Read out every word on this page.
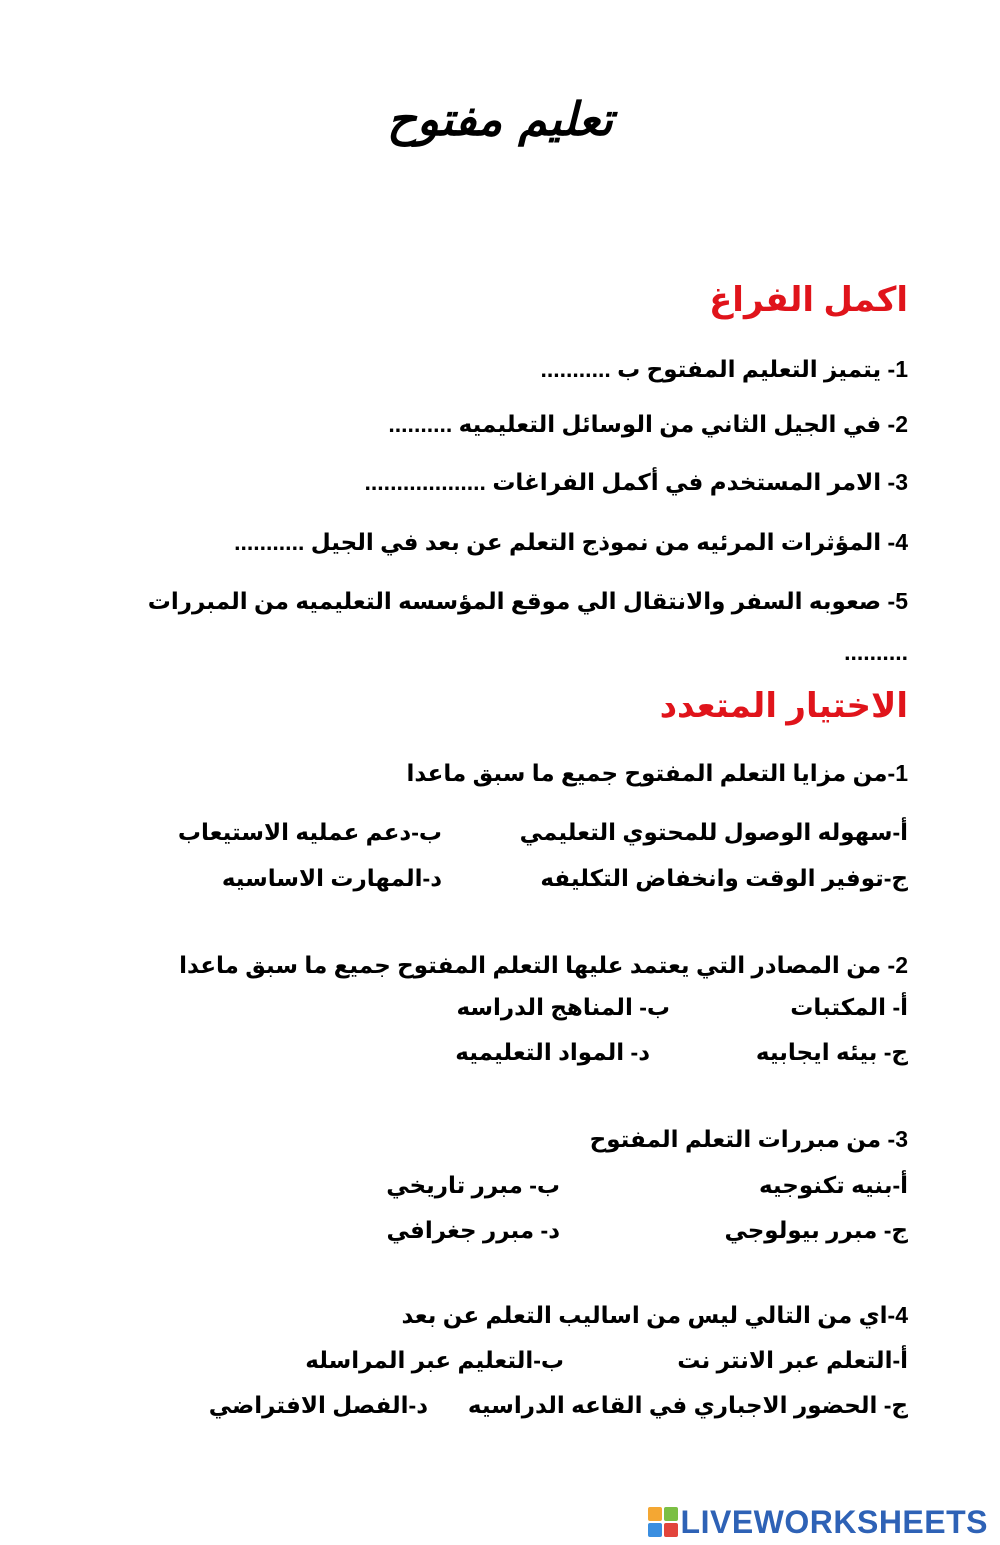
تعليم مفتوح
اكمل الفراغ
1- يتميز التعليم المفتوح ب ...........
2- في الجيل الثاني من الوسائل التعليميه ..........
3- الامر المستخدم في أكمل الفراغات ...................
4- المؤثرات المرئيه من نموذج التعلم عن بعد في الجيل ...........
5- صعوبه السفر والانتقال الي موقع المؤسسه التعليميه من المبررات
..........
الاختيار المتعدد
1-من مزايا التعلم المفتوح جميع ما سبق ماعدا
أ-سهوله الوصول للمحتوي التعليمي
ب-دعم عمليه الاستيعاب
ج-توفير الوقت وانخفاض التكليفه
د-المهارت الاساسيه
2- من المصادر التي يعتمد عليها التعلم المفتوح جميع ما سبق ماعدا
أ- المكتبات
ب- المناهج الدراسه
ج- بيئه ايجابيه
د- المواد التعليميه
3- من مبررات التعلم المفتوح
أ-بنيه تكنوجيه
ب- مبرر تاريخي
ج- مبرر بيولوجي
د- مبرر جغرافي
4-اي من التالي ليس من اساليب التعلم عن بعد
أ-التعلم عبر الانتر نت
ب-التعليم عبر المراسله
ج- الحضور الاجباري في القاعه الدراسيه
د-الفصل الافتراضي
LIVEWORKSHEETS
